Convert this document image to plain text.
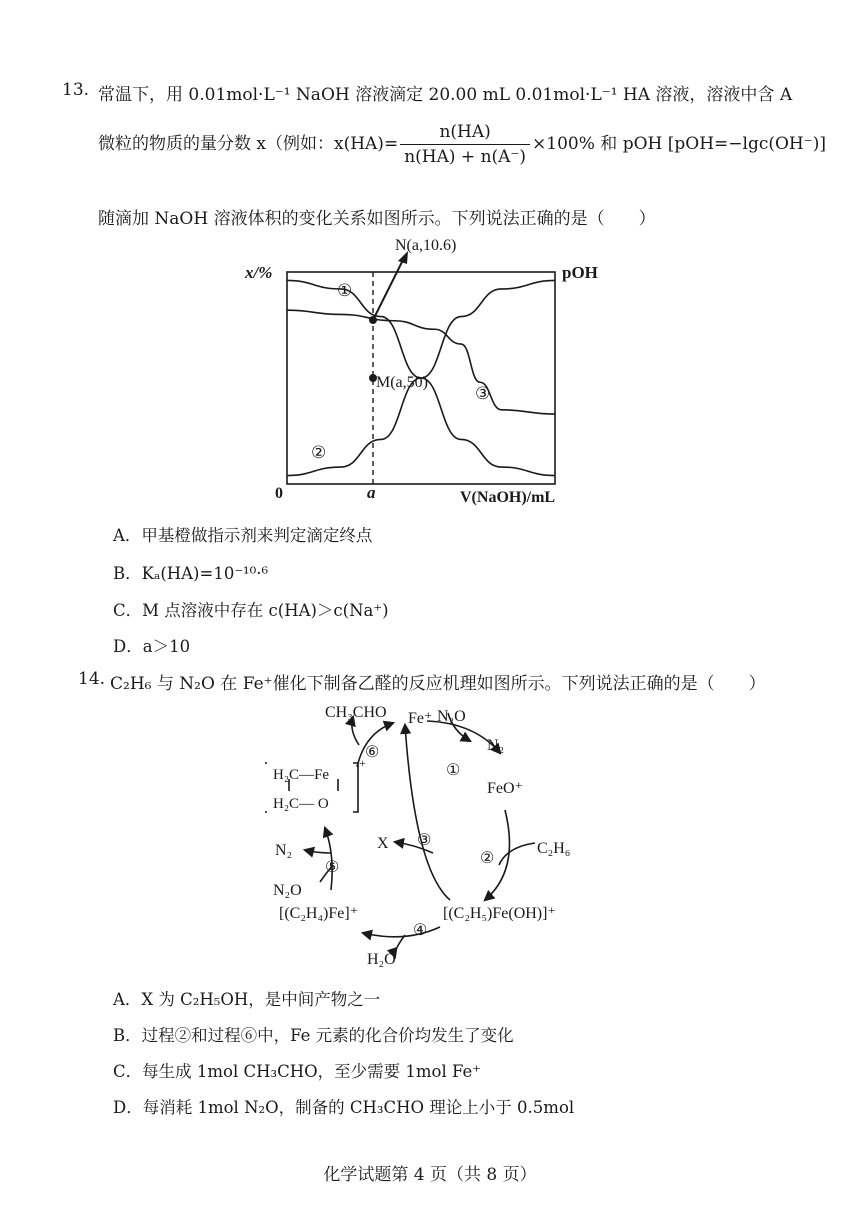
13. 常温下，用 0.01mol·L⁻¹ NaOH 溶液滴定 20.00 mL 0.01mol·L⁻¹ HA 溶液，溶液中含 A
微粒的物质的量分数 x（例如：$x(HA)= \frac{n(HA)}{n(HA) + n(A^-)} \times 100\%$ 和 pOH [pOH=−lgc(OH⁻)]
随滴加 NaOH 溶液体积的变化关系如图所示。下列说法正确的是（　　）
N(a,10.6)
M(a,50)
x/%	pOH
0	a	V(NaOH)/mL
①
②
③
A．甲基橙做指示剂来判定滴定终点
B．Kₐ(HA)=10⁻¹⁰·⁶
C．M 点溶液中存在 c(HA)＞c(Na⁺)
D．a＞10
14. C₂H₆ 与 N₂O 在 Fe⁺催化下制备乙醛的反应机理如图所示。下列说法正确的是（　　）
Fe⁺ N₂O
N₂
①
FeO⁺
C₂H₆
②
③
X
[(C₂H₅)Fe(OH)]⁺
④
[(C₂H₄)Fe]⁺
H₂O
⑤
N₂O
N₂
CH₃CHO
⑥
H₂C—Fe
H₂C— O
+
A．X 为 C₂H₅OH，是中间产物之一
B．过程②和过程⑥中，Fe 元素的化合价均发生了变化
C．每生成 1mol CH₃CHO，至少需要 1mol Fe⁺
D．每消耗 1mol N₂O，制备的 CH₃CHO 理论上小于 0.5mol
化学试题第 4 页（共 8 页）
